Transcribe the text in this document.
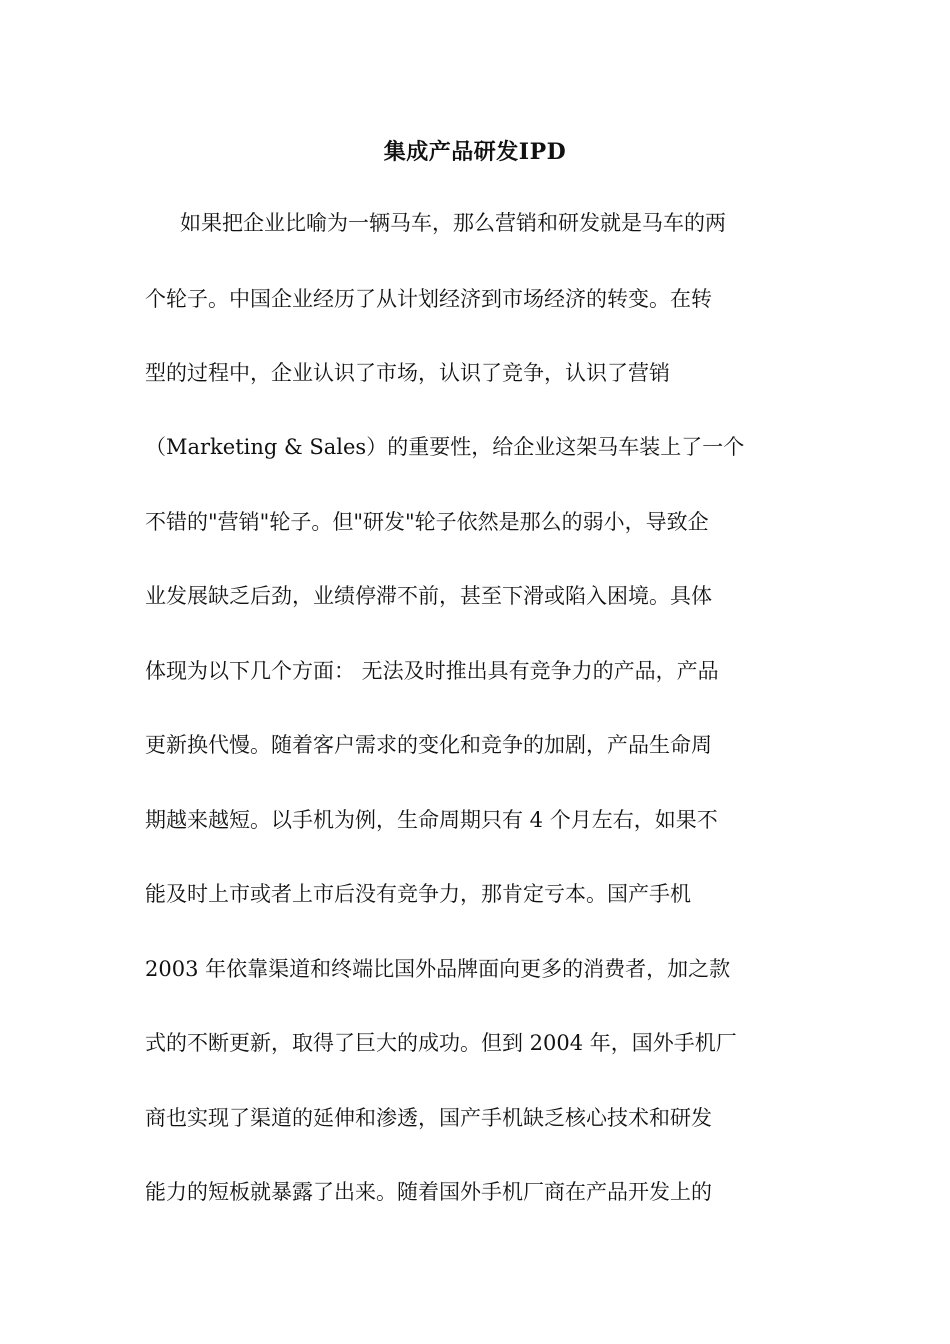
集成产品研发IPD
如果把企业比喻为一辆马车，那么营销和研发就是马车的两
个轮子。中国企业经历了从计划经济到市场经济的转变。在转
型的过程中，企业认识了市场，认识了竞争，认识了营销
（Marketing & Sales）的重要性，给企业这架马车装上了一个
不错的"营销"轮子。但"研发"轮子依然是那么的弱小，导致企
业发展缺乏后劲，业绩停滞不前，甚至下滑或陷入困境。具体
体现为以下几个方面： 无法及时推出具有竞争力的产品，产品
更新换代慢。随着客户需求的变化和竞争的加剧，产品生命周
期越来越短。以手机为例，生命周期只有 4 个月左右，如果不
能及时上市或者上市后没有竞争力，那肯定亏本。国产手机
2003 年依靠渠道和终端比国外品牌面向更多的消费者，加之款
式的不断更新，取得了巨大的成功。但到 2004 年，国外手机厂
商也实现了渠道的延伸和渗透，国产手机缺乏核心技术和研发
能力的短板就暴露了出来。随着国外手机厂商在产品开发上的
